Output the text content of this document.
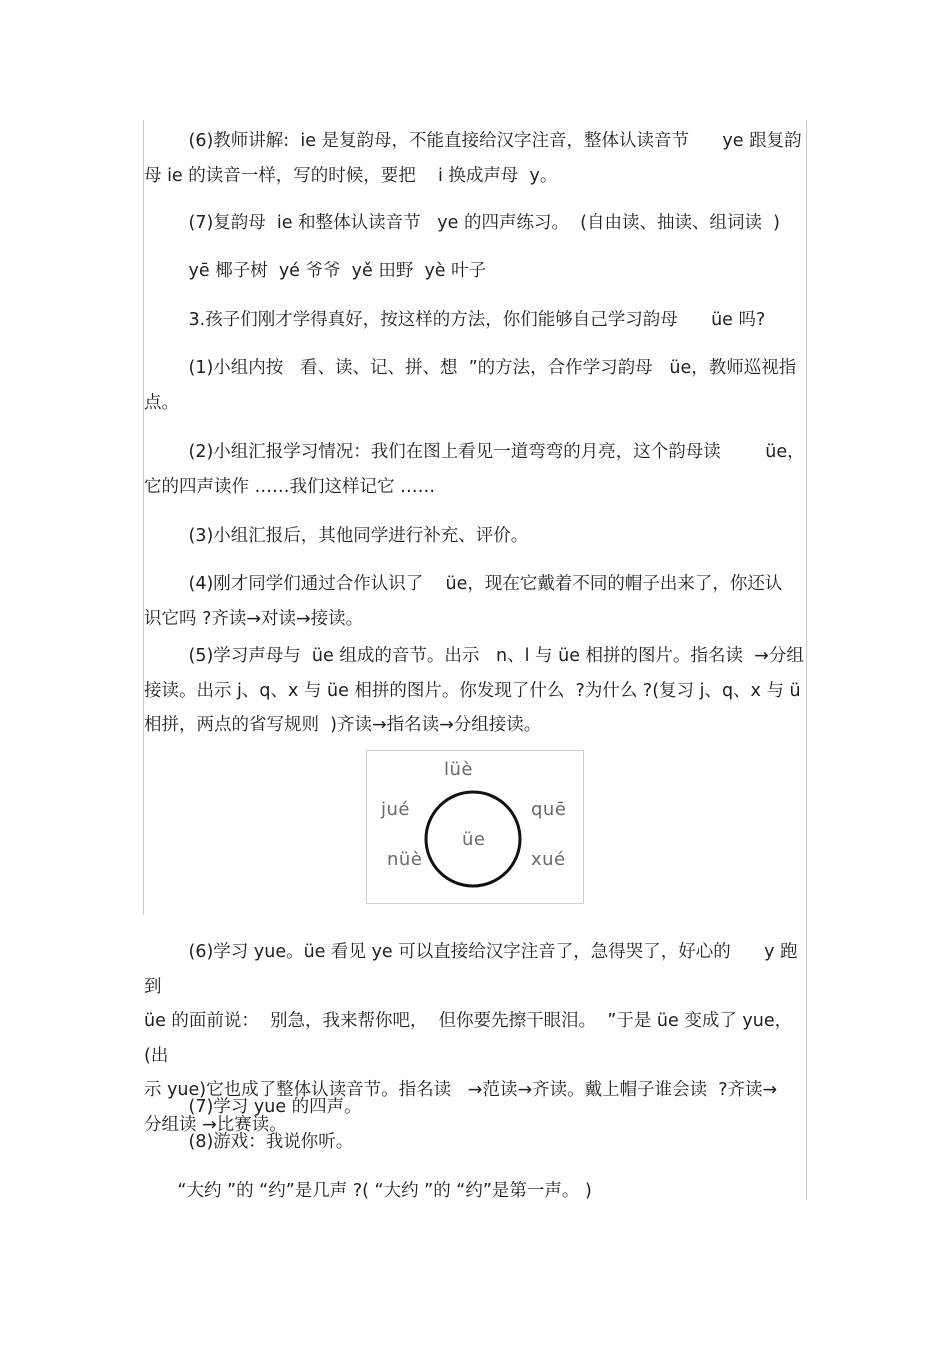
(6)教师讲解:  ie 是复韵母，不能直接给汉字注音，整体认读音节      ye 跟复韵
母 ie 的读音一样，写的时候，要把    i 换成声母  y。

(7)复韵母  ie 和整体认读音节   ye 的四声练习。  (自由读、抽读、组词读  )

yē 椰子树  yé 爷爷  yě 田野  yè 叶子

3.孩子们刚才学得真好，按这样的方法，你们能够自己学习韵母      üe 吗?

(1)小组内按   看、读、记、拼、想  ”的方法，合作学习韵母   üe，教师巡视指
点。

(2)小组汇报学习情况：我们在图上看见一道弯弯的月亮，这个韵母读        üe，
它的四声读作 ……我们这样记它 ……

(3)小组汇报后，其他同学进行补充、评价。

(4)刚才同学们通过合作认识了    üe，现在它戴着不同的帽子出来了，你还认
识它吗 ?齐读→对读→接读。

(5)学习声母与  üe 组成的音节。出示   n、l 与 üe 相拼的图片。指名读  →分组
接读。出示 j、q、x 与 üe 相拼的图片。你发现了什么  ?为什么 ?(复习 j、q、x 与 ü
相拼，两点的省写规则  )齐读→指名读→分组接读。

lüè
jué	quē
üe
nüè	xué

(6)学习 yue。üe 看见 ye 可以直接给汉字注音了，急得哭了，好心的      y 跑到
üe 的面前说：  别急，我来帮你吧，  但你要先擦干眼泪。  ”于是 üe 变成了 yue，(出
示 yue)它也成了整体认读音节。指名读   →范读→齐读。戴上帽子谁会读  ?齐读→
分组读 →比赛读。

(7)学习 yue 的四声。

(8)游戏：我说你听。

“大约 ”的 “约”是几声 ?( “大约 ”的 “约”是第一声。 )
